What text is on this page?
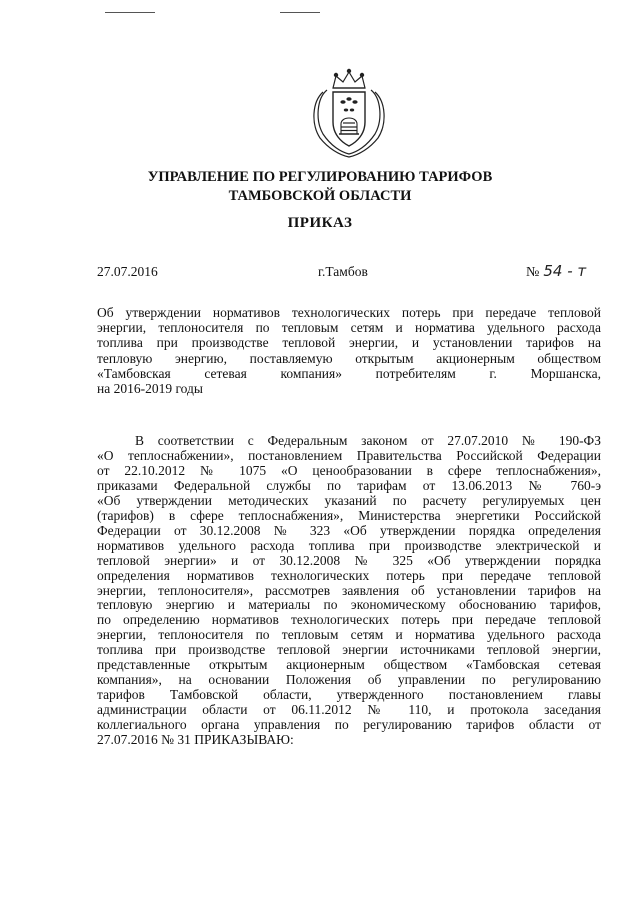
УПРАВЛЕНИЕ ПО РЕГУЛИРОВАНИЮ ТАРИФОВ
ТАМБОВСКОЙ ОБЛАСТИ
ПРИКАЗ
27.07.2016	г.Тамбов	№ 54 - т
Об утверждении нормативов технологических потерь при передаче тепловой
энергии, теплоносителя по тепловым сетям и норматива удельного расхода
топлива при производстве тепловой энергии, и установлении тарифов на
тепловую энергию, поставляемую открытым акционерным обществом
«Тамбовская сетевая компания» потребителям г. Моршанска,
на 2016-2019 годы
В соответствии с Федеральным законом от 27.07.2010 № 190-ФЗ
«О теплоснабжении», постановлением Правительства Российской Федерации
от 22.10.2012 № 1075 «О ценообразовании в сфере теплоснабжения»,
приказами Федеральной службы по тарифам от 13.06.2013 № 760-э
«Об утверждении методических указаний по расчету регулируемых цен
(тарифов) в сфере теплоснабжения», Министерства энергетики Российской
Федерации от 30.12.2008 № 323 «Об утверждении порядка определения
нормативов удельного расхода топлива при производстве электрической и
тепловой энергии» и от 30.12.2008 № 325 «Об утверждении порядка
определения нормативов технологических потерь при передаче тепловой
энергии, теплоносителя», рассмотрев заявления об установлении тарифов на
тепловую энергию и материалы по экономическому обоснованию тарифов,
по определению нормативов технологических потерь при передаче тепловой
энергии, теплоносителя по тепловым сетям и норматива удельного расхода
топлива при производстве тепловой энергии источниками тепловой энергии,
представленные открытым акционерным обществом «Тамбовская сетевая
компания», на основании Положения об управлении по регулированию
тарифов Тамбовской области, утвержденного постановлением главы
администрации области от 06.11.2012 № 110, и протокола заседания
коллегиального органа управления по регулированию тарифов области от
27.07.2016 № 31 ПРИКАЗЫВАЮ:
